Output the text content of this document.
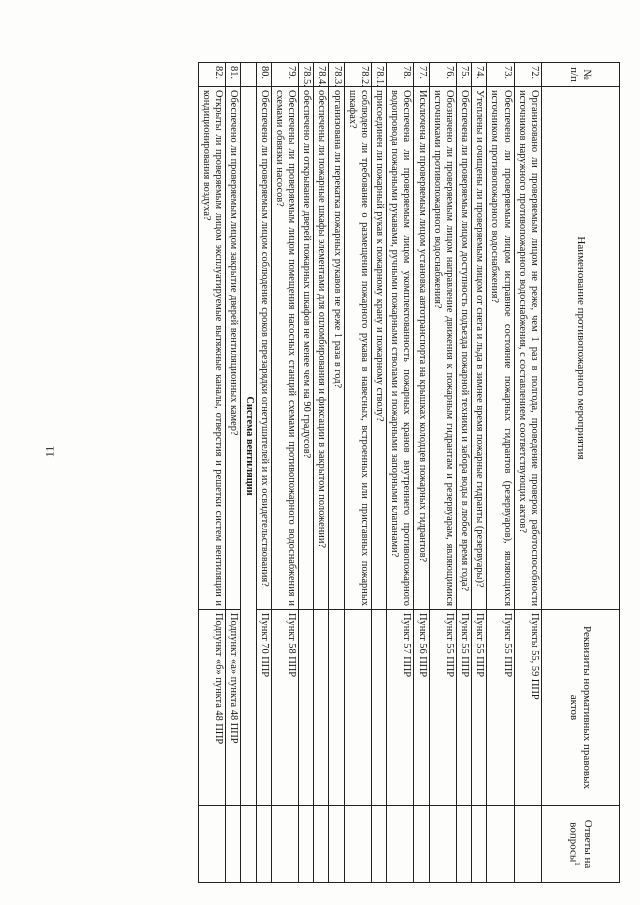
11
№ п/п	Наименование противопожарного мероприятия	Реквизиты нормативных правовых актов	Ответы на вопросы$^1$
72.	Организовано ли проверяемым лицом не реже, чем 1 раз в полгода, проведение проверок работоспособности источников наружного противопожарного водоснабжения, с составлением соответствующих актов?	Пункты 55, 59 ППР	
73.	Обеспечено ли проверяемым лицом исправное состояние пожарных гидрантов (резервуаров), являющихся источником противопожарного водоснабжения?	Пункт 55 ППР	
74.	Утеплены и очищены ли проверяемым лицом от снега и льда в зимнее время пожарные гидранты (резервуары)?	Пункт 55 ППР	
75.	Обеспечена ли проверяемым лицом доступность подъезда пожарной техники и забора воды в любое время года?	Пункт 55 ППР	
76.	Обозначено ли проверяемым лицом направление движения к пожарным гидрантам и резервуарам, являющимися источниками противопожарного водоснабжения?	Пункт 55 ППР	
77.	Исключена ли проверяемым лицом установка автотранспорта на крышках колодцев пожарных гидрантов?	Пункт 56 ППР	
78.	Обеспечена ли проверяемым лицом укомплектованность пожарных кранов внутреннего противопожарного водопровода пожарными рукавами, ручными пожарными стволами и пожарными запорными клапанами?	Пункт 57 ППР	
78.1.	присоединен ли пожарный рукав к пожарному крану и пожарному стволу?		
78.2.	соблюдено ли требование о размещении пожарного рукава в навесных, встроенных или приставных пожарных шкафах?		
78.3.	организована ли перекатка пожарных рукавов не реже 1 раза в год?		
78.4.	обеспечены ли пожарные шкафы элементами для опломбирования и фиксации в закрытом положении?		
78.5.	обеспечено ли открывание дверей пожарных шкафов не менее чем на 90 градусов?		
79.	Обеспечены ли проверяемым лицом помещения насосных станций схемами противопожарного водоснабжения и схемами обвязки насосов?	Пункт 58 ППР	
80.	Обеспечено ли проверяемым лицом соблюдение сроков перезарядки огнетушителей и их освидетельствования?	Пункт 70 ППР	
	Система вентиляции		
81.	Обеспечено ли проверяемым лицом закрытие дверей вентиляционных камер?	Подпункт «а» пункта 48 ППР	
82.	Открыты ли проверяемым лицом эксплуатируемые вытяжные каналы, отверстия и решетки систем вентиляции и кондиционирования воздуха?	Подпункт «б» пункта 48 ППР	
